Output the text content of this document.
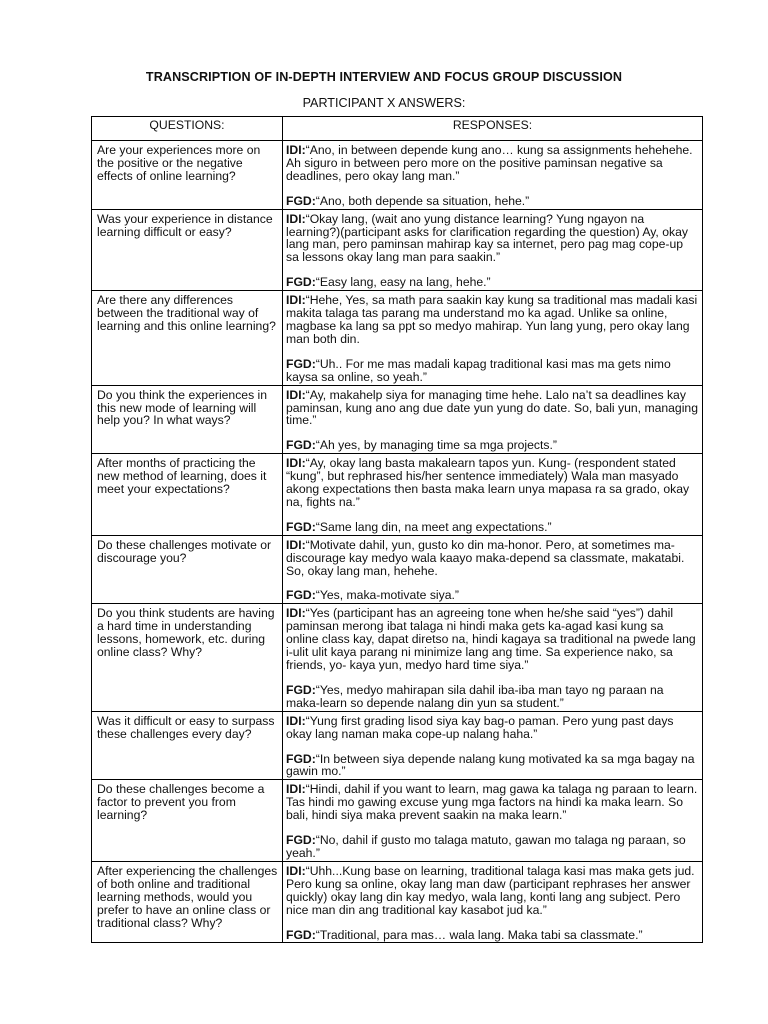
TRANSCRIPTION OF IN-DEPTH INTERVIEW AND FOCUS GROUP DISCUSSION
PARTICIPANT X ANSWERS:
QUESTIONS:	RESPONSES:
Are your experiences more on the positive or the negative effects of online learning?	IDI:“Ano, in between depende kung ano… kung sa assignments hehehehe. Ah siguro in between pero more on the positive paminsan negative sa deadlines, pero okay lang man.”

FGD:“Ano, both depende sa situation, hehe.”

Was your experience in distance learning difficult or easy?	IDI:“Okay lang, (wait ano yung distance learning? Yung ngayon na learning?)(participant asks for clarification regarding the question) Ay, okay lang man, pero paminsan mahirap kay sa internet, pero pag mag cope-up sa lessons okay lang man para saakin.”

FGD:“Easy lang, easy na lang, hehe.”

Are there any differences between the traditional way of learning and this online learning?	IDI:“Hehe, Yes, sa math para saakin kay kung sa traditional mas madali kasi makita talaga tas parang ma understand mo ka agad. Unlike sa online, magbase ka lang sa ppt so medyo mahirap. Yun lang yung, pero okay lang man both din.

FGD:“Uh.. For me mas madali kapag traditional kasi mas ma gets nimo kaysa sa online, so yeah.”

Do you think the experiences in this new mode of learning will help you? In what ways?	IDI:“Ay, makahelp siya for managing time hehe. Lalo na’t sa deadlines kay paminsan, kung ano ang due date yun yung do date. So, bali yun, managing time.”

FGD:“Ah yes, by managing time sa mga projects.”

After months of practicing the new method of learning, does it meet your expectations?	IDI:“Ay, okay lang basta makalearn tapos yun. Kung- (respondent stated “kung”, but rephrased his/her sentence immediately) Wala man masyado akong expectations then basta maka learn unya mapasa ra sa grado, okay na, fights na.”

FGD:“Same lang din, na meet ang expectations.”

Do these challenges motivate or discourage you?	IDI:“Motivate dahil, yun, gusto ko din ma-honor. Pero, at sometimes ma-discourage kay medyo wala kaayo maka-depend sa classmate, makatabi. So, okay lang man, hehehe.

FGD:“Yes, maka-motivate siya.”

Do you think students are having a hard time in understanding lessons, homework, etc. during online class? Why?	IDI:“Yes (participant has an agreeing tone when he/she said “yes”) dahil paminsan merong ibat talaga ni hindi maka gets ka-agad kasi kung sa online class kay, dapat diretso na, hindi kagaya sa traditional na pwede lang i-ulit ulit kaya parang ni minimize lang ang time. Sa experience nako, sa friends, yo- kaya yun, medyo hard time siya.”

FGD:“Yes, medyo mahirapan sila dahil iba-iba man tayo ng paraan na maka-learn so depende nalang din yun sa student.”

Was it difficult or easy to surpass these challenges every day?	IDI:“Yung first grading lisod siya kay bag-o paman. Pero yung past days okay lang naman maka cope-up nalang haha.”

FGD:“In between siya depende nalang kung motivated ka sa mga bagay na gawin mo.”

Do these challenges become a factor to prevent you from learning?	IDI:“Hindi, dahil if you want to learn, mag gawa ka talaga ng paraan to learn. Tas hindi mo gawing excuse yung mga factors na hindi ka maka learn. So bali, hindi siya maka prevent saakin na maka learn.”

FGD:“No, dahil if gusto mo talaga matuto, gawan mo talaga ng paraan, so yeah.”

After experiencing the challenges of both online and traditional learning methods, would you prefer to have an online class or traditional class? Why?	IDI:“Uhh...Kung base on learning, traditional talaga kasi mas maka gets jud. Pero kung sa online, okay lang man daw (participant rephrases her answer quickly) okay lang din kay medyo, wala lang, konti lang ang subject. Pero nice man din ang traditional kay kasabot jud ka.”

FGD:“Traditional, para mas… wala lang. Maka tabi sa classmate.”
